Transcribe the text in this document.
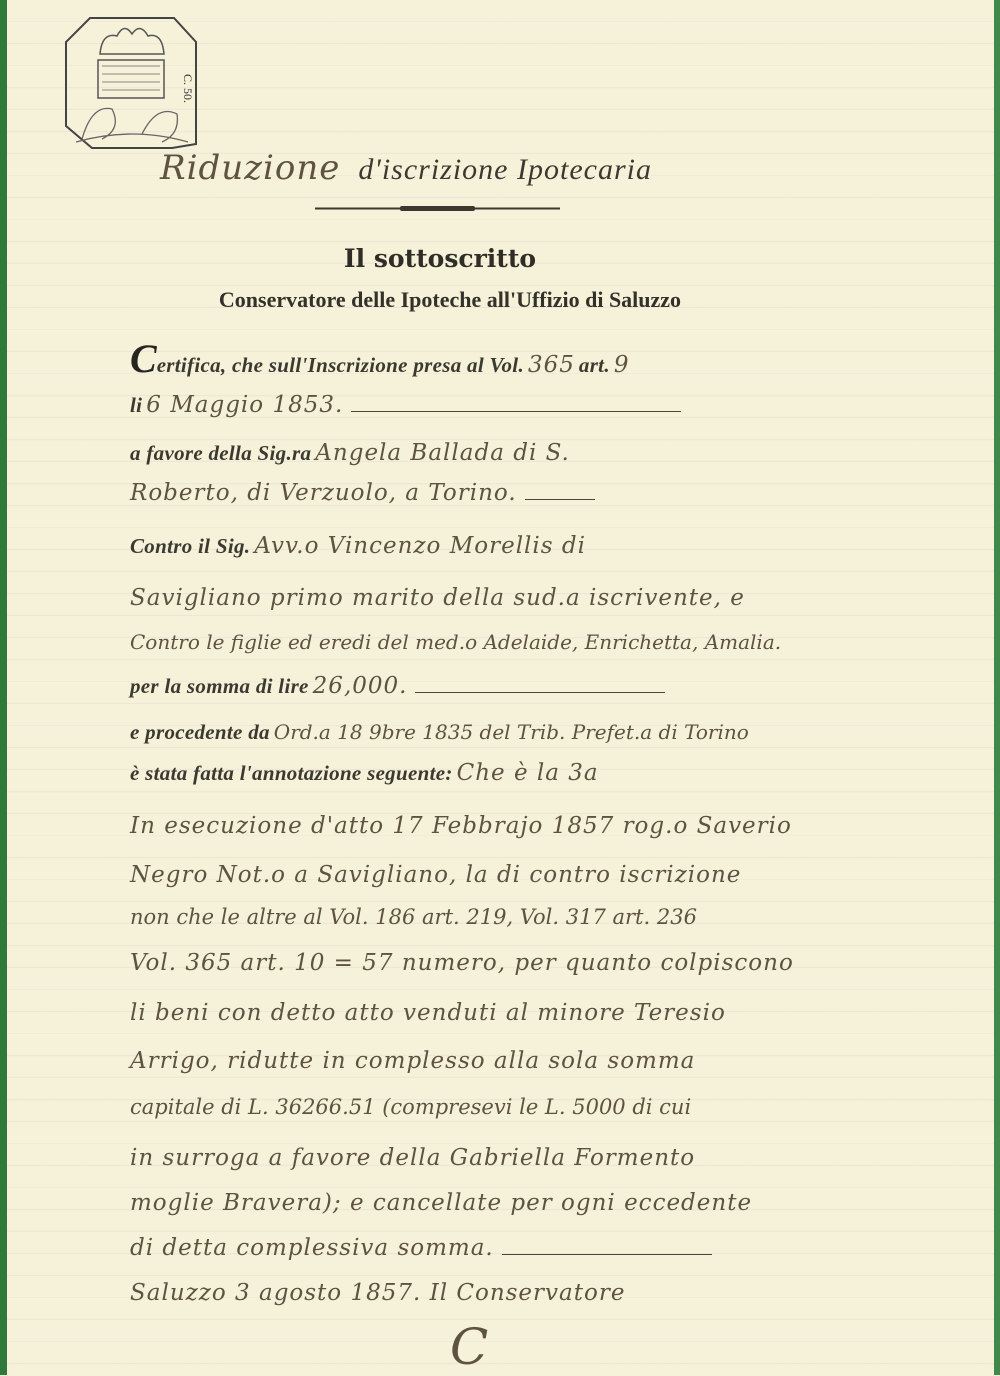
C. 50.
Riduzione d'iscrizione Ipotecaria
Il sottoscritto
Conservatore delle Ipoteche all'Uffizio di Saluzzo
Certifica, che sull'Inscrizione presa al Vol. 365 art. 9
li 6 Maggio 1853.
a favore della Sig.ra Angela Ballada di S.
Roberto, di Verzuolo, a Torino.
Contro il Sig. Avv.o Vincenzo Morellis di
Savigliano primo marito della sud.a iscrivente, e
Contro le figlie ed eredi del med.o Adelaide, Enrichetta, Amalia.
per la somma di lire 26,000.
e procedente da Ord.a 18 9bre 1835 del Trib. Prefet.a di Torino
è stata fatta l'annotazione seguente: Che è la 3a
In esecuzione d'atto 17 Febbrajo 1857 rog.o Saverio
Negro Not.o a Savigliano, la di contro iscrizione
non che le altre al Vol. 186 art. 219, Vol. 317 art. 236
Vol. 365 art. 10 = 57 numero, per quanto colpiscono
li beni con detto atto venduti al minore Teresio
Arrigo, ridutte in complesso alla sola somma
capitale di L. 36266.51 (compresevi le L. 5000 di cui
in surroga a favore della Gabriella Formento
moglie Bravera); e cancellate per ogni eccedente
di detta complessiva somma.
Saluzzo 3 agosto 1857. Il Conservatore
C
